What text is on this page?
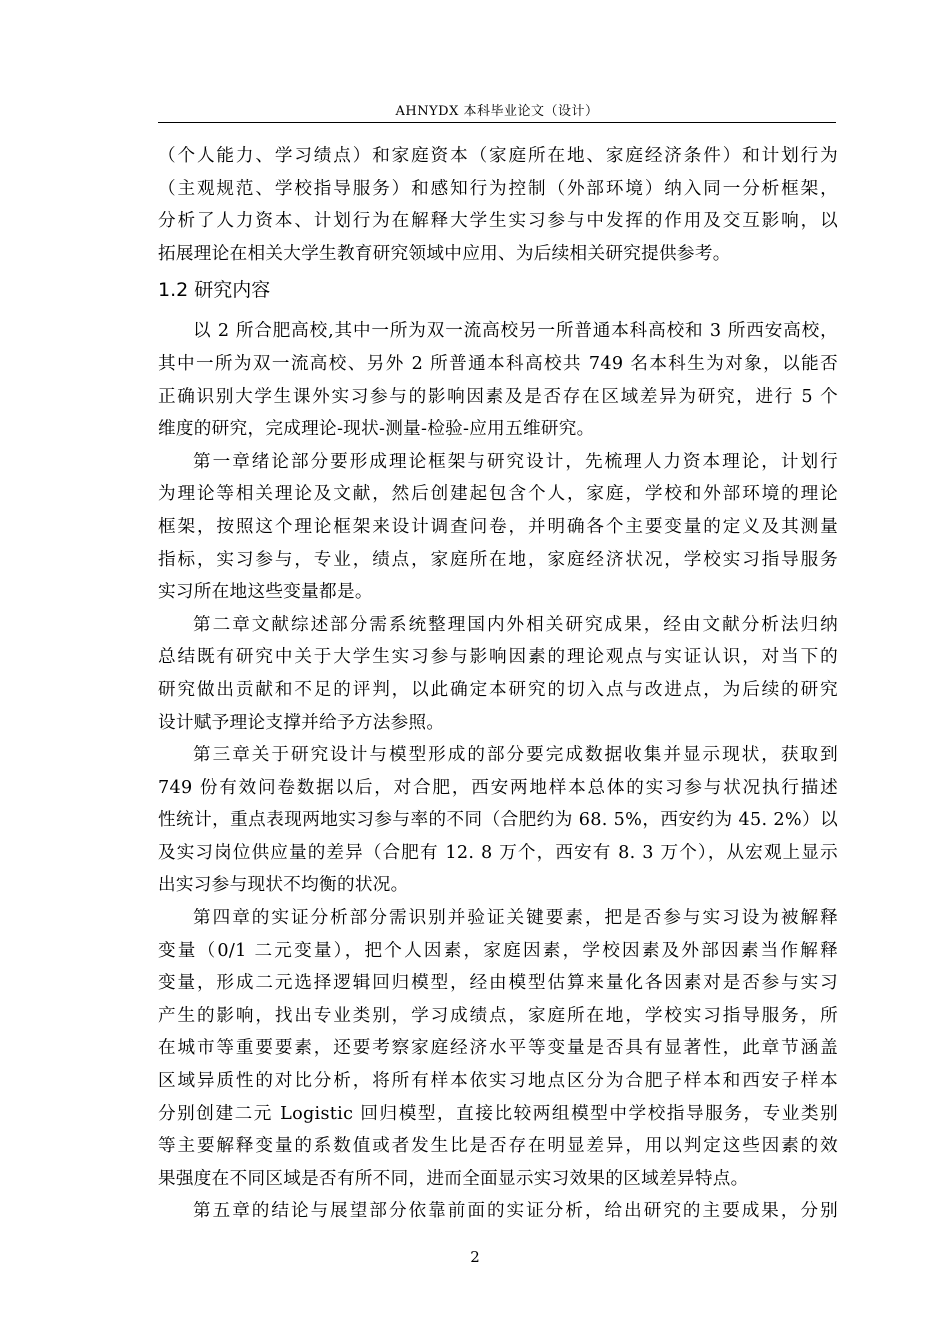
AHNYDX 本科毕业论文（设计）

（个人能力、学习绩点）和家庭资本（家庭所在地、家庭经济条件）和计划行为
（主观规范、学校指导服务）和感知行为控制（外部环境）纳入同一分析框架，
分析了人力资本、计划行为在解释大学生实习参与中发挥的作用及交互影响，以
拓展理论在相关大学生教育研究领域中应用、为后续相关研究提供参考。

1.2 研究内容

以 2 所合肥高校,其中一所为双一流高校另一所普通本科高校和 3 所西安高校，
其中一所为双一流高校、另外 2 所普通本科高校共 749 名本科生为对象，以能否
正确识别大学生课外实习参与的影响因素及是否存在区域差异为研究，进行 5 个
维度的研究，完成理论-现状-测量-检验-应用五维研究。

第一章绪论部分要形成理论框架与研究设计，先梳理人力资本理论，计划行
为理论等相关理论及文献，然后创建起包含个人，家庭，学校和外部环境的理论
框架，按照这个理论框架来设计调查问卷，并明确各个主要变量的定义及其测量
指标，实习参与，专业，绩点，家庭所在地，家庭经济状况，学校实习指导服务
实习所在地这些变量都是。

第二章文献综述部分需系统整理国内外相关研究成果，经由文献分析法归纳
总结既有研究中关于大学生实习参与影响因素的理论观点与实证认识，对当下的
研究做出贡献和不足的评判，以此确定本研究的切入点与改进点，为后续的研究
设计赋予理论支撑并给予方法参照。

第三章关于研究设计与模型形成的部分要完成数据收集并显示现状，获取到
749 份有效问卷数据以后，对合肥，西安两地样本总体的实习参与状况执行描述
性统计，重点表现两地实习参与率的不同（合肥约为 68. 5%，西安约为 45. 2%）以
及实习岗位供应量的差异（合肥有 12. 8 万个，西安有 8. 3 万个），从宏观上显示
出实习参与现状不均衡的状况。

第四章的实证分析部分需识别并验证关键要素，把是否参与实习设为被解释
变量（0/1 二元变量），把个人因素，家庭因素，学校因素及外部因素当作解释
变量，形成二元选择逻辑回归模型，经由模型估算来量化各因素对是否参与实习
产生的影响，找出专业类别，学习成绩点，家庭所在地，学校实习指导服务，所
在城市等重要要素，还要考察家庭经济水平等变量是否具有显著性，此章节涵盖
区域异质性的对比分析，将所有样本依实习地点区分为合肥子样本和西安子样本
分别创建二元 Logistic 回归模型，直接比较两组模型中学校指导服务，专业类别
等主要解释变量的系数值或者发生比是否存在明显差异，用以判定这些因素的效
果强度在不同区域是否有所不同，进而全面显示实习效果的区域差异特点。

第五章的结论与展望部分依靠前面的实证分析，给出研究的主要成果，分别

2
